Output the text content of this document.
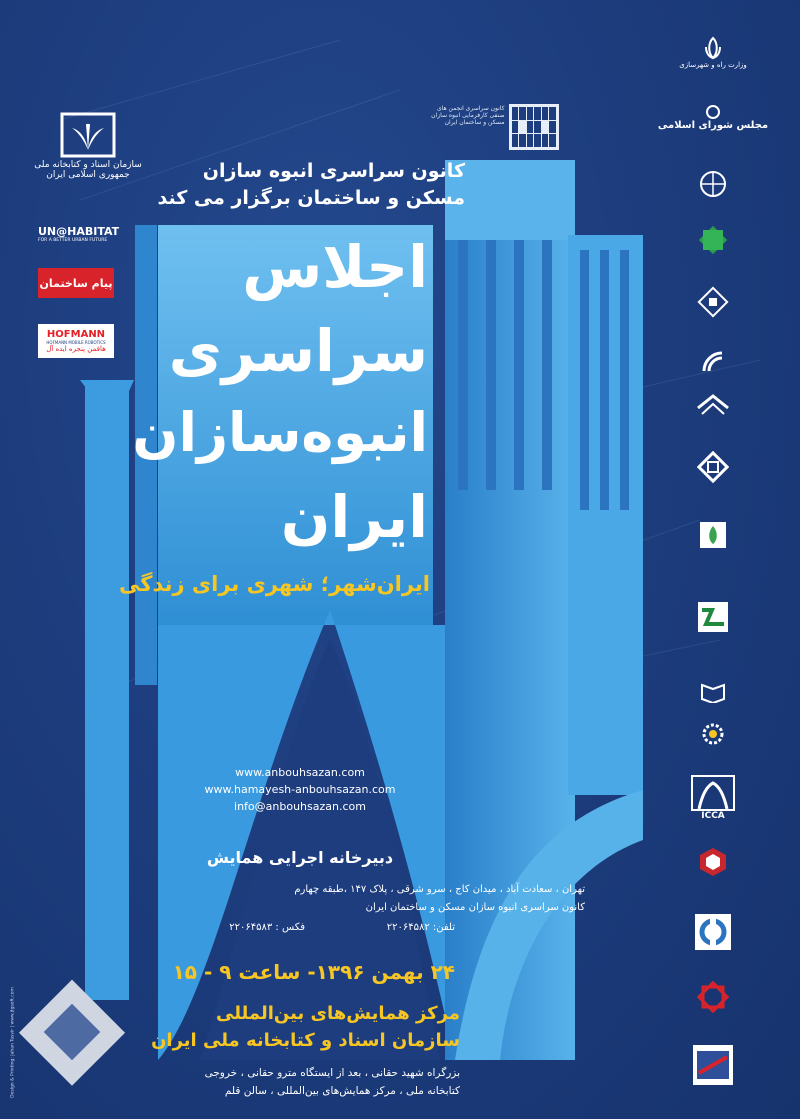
کانون سراسری انجمن های
صنفی کارفرمایی انبوه سازان
مسکن و ساختمان ایران
کانون سراسری انبوه سازان
مسکن و ساختمان برگزار می کند
اجلاس
سراسری
انبوه‌سازان
ایران
ایران‌شهر؛ شهری برای زندگی
www.anbouhsazan.com
www.hamayesh-anbouhsazan.com
info@anbouhsazan.com
دبیرخانه اجرایی همایش
تهران ، سعادت آباد ، میدان کاج ، سرو شرقی ، پلاک ۱۴۷ ،طبقه چهارم
کانون سراسری انبوه سازان مسکن و ساختمان ایران
تلفن: ۲۲۰۶۴۵۸۲
فکس : ۲۲۰۶۴۵۸۳
۲۴ بهمن ۱۳۹۶- ساعت ۹ - ۱۵
مرکز همایش‌های بین‌المللی
سازمان اسناد و کتابخانه ملی ایران
بزرگراه شهید حقانی ، بعد از ایستگاه مترو حقانی ، خروجی
کتابخانه ملی ، مرکز همایش‌های بین‌المللی ، سالن قلم
سازمان اسناد و کتابخانه ملی
جمهوری اسلامی ایران
UN@HABITAT
FOR A BETTER URBAN FUTURE
پیام ساختمان
HOFMANN
HOFMANN MOBILE ROBOTICS
هافمن پنجره ایده آل
وزارت راه و شهرسازی
مجلس شورای اسلامی
ICCA
Design & Printing: Jahan Tasvir | www.jtgsoft.com
